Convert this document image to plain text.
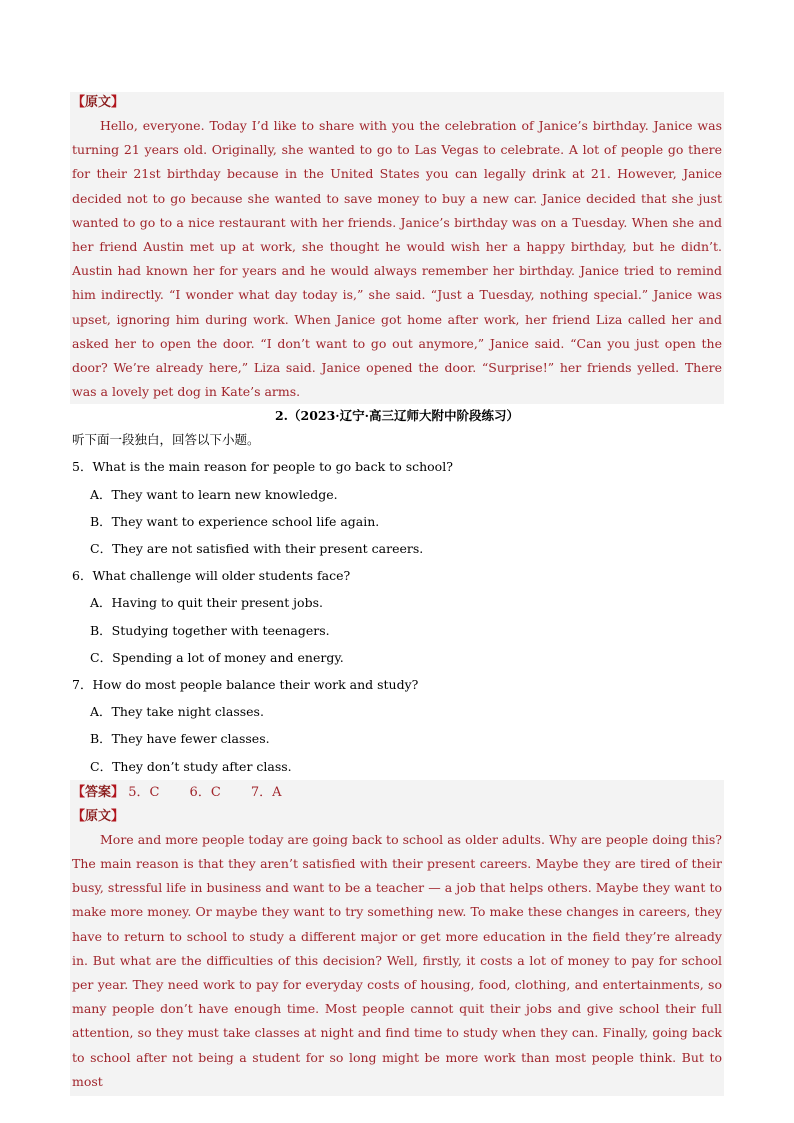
【原文】
Hello, everyone. Today I’d like to share with you the celebration of Janice’s birthday. Janice was turning 21 years old. Originally, she wanted to go to Las Vegas to celebrate. A lot of people go there for their 21st birthday because in the United States you can legally drink at 21. However, Janice decided not to go because she wanted to save money to buy a new car. Janice decided that she just wanted to go to a nice restaurant with her friends. Janice’s birthday was on a Tuesday. When she and her friend Austin met up at work, she thought he would wish her a happy birthday, but he didn’t. Austin had known her for years and he would always remember her birthday. Janice tried to remind him indirectly. “I wonder what day today is,” she said. “Just a Tuesday, nothing special.” Janice was upset, ignoring him during work. When Janice got home after work, her friend Liza called her and asked her to open the door. “I don’t want to go out anymore,” Janice said. “Can you just open the door? We’re already here,” Liza said. Janice opened the door. “Surprise!” her friends yelled. There was a lovely pet dog in Kate’s arms.
2.（2023·辽宁·高三辽师大附中阶段练习）
听下面一段独白，回答以下小题。
5．What is the main reason for people to go back to school?
A．They want to learn new knowledge.
B．They want to experience school life again.
C．They are not satisfied with their present careers.
6．What challenge will older students face?
A．Having to quit their present jobs.
B．Studying together with teenagers.
C．Spending a lot of money and energy.
7．How do most people balance their work and study?
A．They take night classes.
B．They have fewer classes.
C．They don’t study after class.
【答案】 5．C 6．C 7．A
【原文】
More and more people today are going back to school as older adults. Why are people doing this? The main reason is that they aren’t satisfied with their present careers. Maybe they are tired of their busy, stressful life in business and want to be a teacher — a job that helps others. Maybe they want to make more money. Or maybe they want to try something new. To make these changes in careers, they have to return to school to study a different major or get more education in the field they’re already in. But what are the difficulties of this decision? Well, firstly, it costs a lot of money to pay for school per year. They need work to pay for everyday costs of housing, food, clothing, and entertainments, so many people don’t have enough time. Most people cannot quit their jobs and give school their full attention, so they must take classes at night and find time to study when they can. Finally, going back to school after not being a student for so long might be more work than most people think. But to most
